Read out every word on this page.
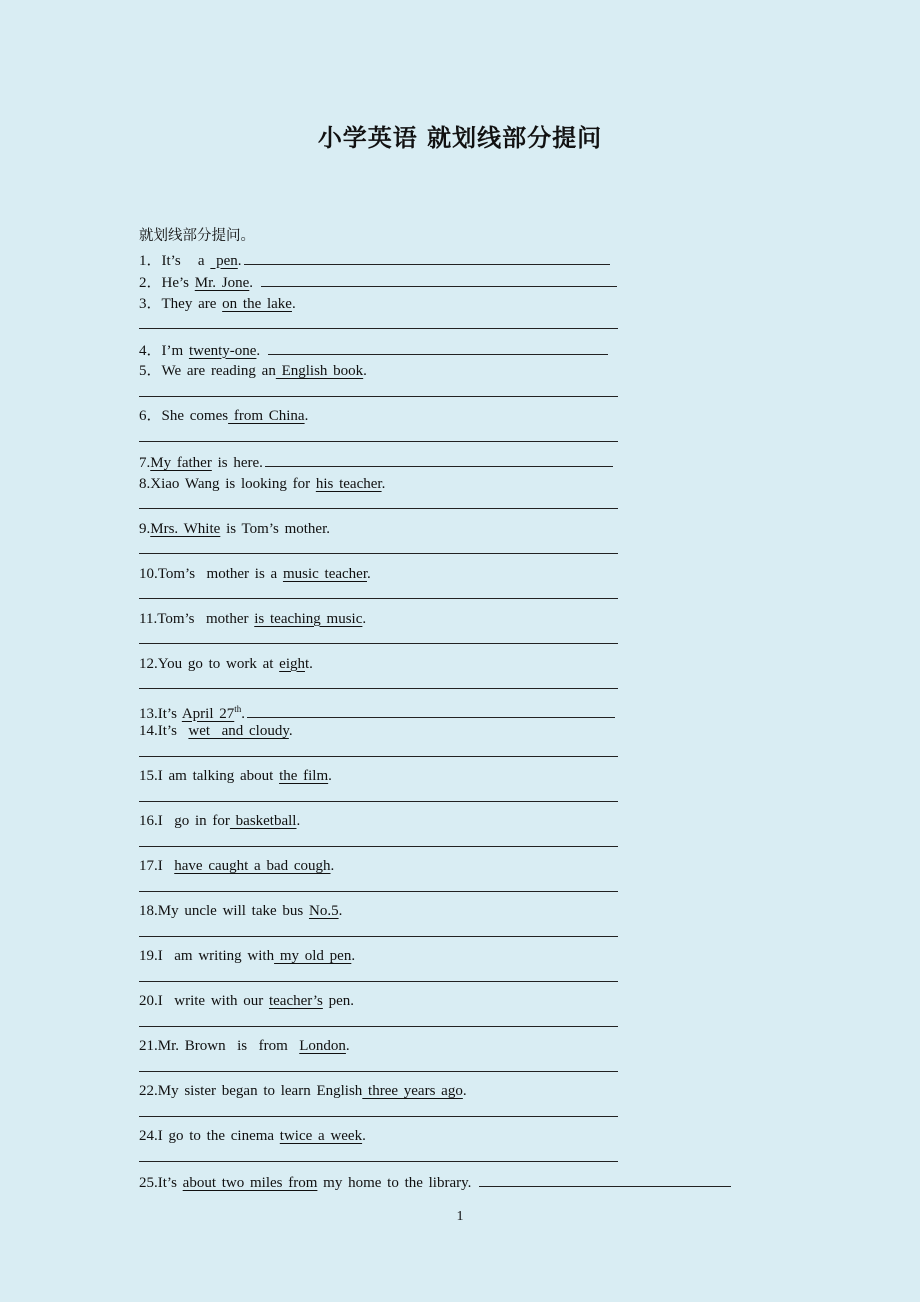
小学英语 就划线部分提问
就划线部分提问。
1．It’s   a  pen.
2．He’s Mr. Jone.
3．They are on the lake.
4．I’m twenty-one.
5．We are reading an English book.
6．She comes from China.
7.My father is here.
8.Xiao Wang is looking for his teacher.
9.Mrs. White is Tom’s mother.
10.Tom’s  mother is a music teacher.
11.Tom’s  mother is teaching music.
12.You go to work at eight.
13.It’s April 27th.
14.It’s  wet  and cloudy.
15.I am talking about the film.
16.I  go in for basketball.
17.I  have caught a bad cough.
18.My uncle will take bus No.5.
19.I  am writing with my old pen.
20.I  write with our teacher’s pen.
21.Mr. Brown  is  from  London.
22.My sister began to learn English three years ago.
24.I go to the cinema twice a week.
25.It’s about two miles from my home to the library.
1
